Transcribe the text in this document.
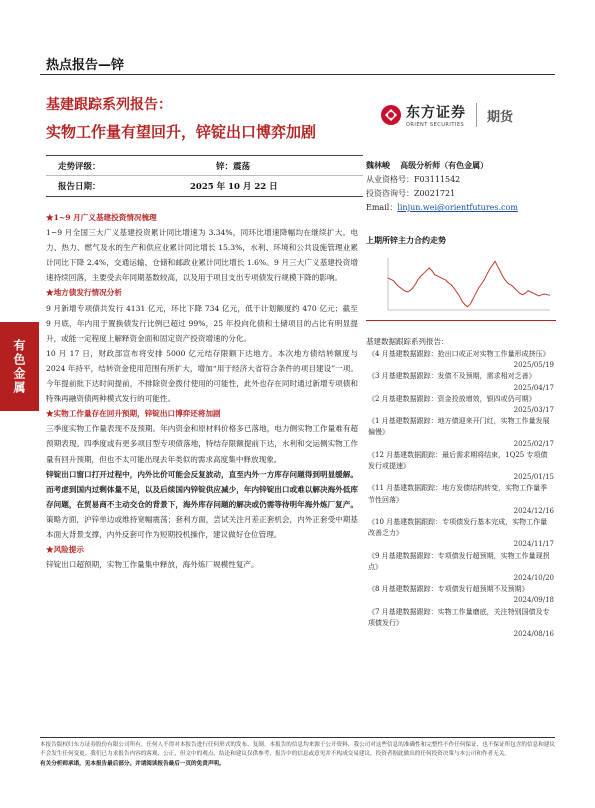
热点报告—锌
有色金属
基建跟踪系列报告：
实物工作量有望回升，锌锭出口博弈加剧
东方证券
ORIENT SECURITIES
期货
走势评级：	锌：震荡
报告日期：	2025 年 10 月 22 日
魏林峻 高级分析师（有色金属）
从业资格号：F03111542
投资咨询号：Z0021721
Email：linjun.wei@orientfutures.com

★1~9 月广义基建投资情况梳理

1~9 月全国三大广义基建投资累计同比增速为 3.34%，同环比增速降幅均在继续扩大。电力、热力、燃气及水的生产和供应业累计同比增长 15.3%，水利、环境和公共设施管理业累计同比下降 2.4%，交通运输、仓储和邮政业累计同比增长 1.6%。9 月三大广义基建投资增速持续回落，主要受去年同期基数较高，以及用于项目支出专项债发行规模下降的影响。

★地方债发行情况分析

9 月新增专项债共发行 4131 亿元，环比下降 734 亿元，低于计划额度约 470 亿元；截至 9 月底，年内用于置换债发行比例已超过 99%，25 年投向化债和土储项目的占比有明显提升，或能一定程度上解释资金面和固定资产投资增速的分化。

10 月 17 日，财政部宣布将安排 5000 亿元结存限额下达地方。本次地方债结转额度与 2024 年持平，结转资金使用范围有所扩大，增加“用于经济大省符合条件的项目建设”一项。今年提前批下达时间提前，不排除资金拨付使用的可能性，此外也存在同时通过新增专项债和特殊再融资债两种模式发行的可能性。

★实物工作量存在回升预期，锌锭出口博弈还将加剧

三季度实物工作量表现不及预期。年内资金和原材料价格多已落地，电力侧实物工作量难有超预期表现。四季度或有更多项目型专项债落地，特结存限额提前下达，水利和交运侧实物工作量有回升预期，但也不太可能出现去年类似的需求高度集中释放现象。

锌锭出口窗口打开过程中，内外比价可能会反复波动，直至内外一方库存问题得到明显缓解。而考虑到国内过剩体量不足，以及后续国内锌锭供应减少，年内锌锭出口或难以解决海外低库存问题，在贸易商不主动交仓的背景下，海外库存问题的解决或仍需等待明年海外炼厂复产。策略方面，沪锌单边或维持宽幅震荡；套利方面，尝试关注月差正套机会，内外正套受中期基本面大背景支撑，内外反套可作为短期投机操作，建议做好仓位管理。

★风险提示

锌锭出口超预期，实物工作量集中释放，海外炼厂规模性复产。

上期所锌主力合约走势
基建数据跟踪系列报告：
《4 月基建数据跟踪：抢出口或正对实物工作量形成挤压》
2025/05/19
《3 月基建数据跟踪：发债不及预期，需求相对乏善》
2025/04/17
《2 月基建数据跟踪：资金投放增效，银四或仍可期》
2025/03/17
《1 月基建数据跟踪：地方债迎来开门红，实物工作量发展偏慢》
2025/02/17
《12 月基建数据跟踪：最后需求期将结束，1Q25 专项债发行或提速》
2025/01/15
《11 月基建数据跟踪：地方发债结构转变，实物工作量季节性回落》
2024/12/16
《10 月基建数据跟踪：专项债发行基本完成，实物工作量改善乏力》
2024/11/17
《9 月基建数据跟踪：专项债发行超预期，实物工作量现拐点》
2024/10/20
《8 月基建数据跟踪：专项债发行超预期不及预期》
2024/09/18
《7 月基建数据跟踪：实物工作量磨底，关注特别国债及专项债发行》
2024/08/16
本报告版权归东方证券股份有限公司所有。任何人不得对本报告进行任何形式的发布、复制。本报告的信息均来源于公开资料，我公司对这些信息的准确性和完整性不作任何保证，也不保证所包含的信息和建议不会发生任何变更。我们已力求报告内容的客观、公正，但文中的观点、结论和建议仅供参考，报告中的信息或意见并不构成交易建议，投资者据此做出的任何投资决策与本公司和作者无关。
有关分析师承诺，见本报告最后部分。并请阅读报告最后一页的免责声明。
